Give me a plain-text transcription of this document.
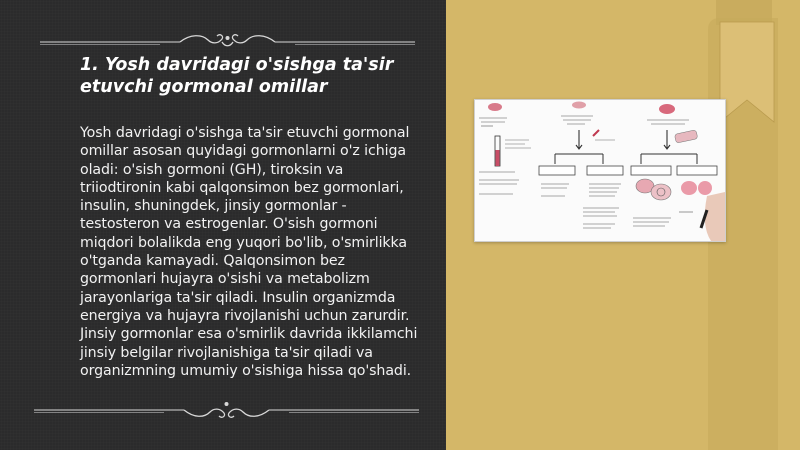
1. Yosh davridagi o'sishga ta'sir etuvchi gormonal omillar

Yosh davridagi o'sishga ta'sir etuvchi gormonal omillar asosan quyidagi gormonlarni o'z ichiga oladi: o'sish gormoni (GH), tiroksin va triiodtironin kabi qalqonsimon bez gormonlari, insulin, shuningdek, jinsiy gormonlar - testosteron va estrogenlar. O'sish gormoni miqdori bolalikda eng yuqori bo'lib, o'smirlikka o'tganda kamayadi. Qalqonsimon bez gormonlari hujayra o'sishi va metabolizm jarayonlariga ta'sir qiladi. Insulin organizmda energiya va hujayra rivojlanishi uchun zarurdir. Jinsiy gormonlar esa o'smirlik davrida ikkilamchi jinsiy belgilar rivojlanishiga ta'sir qiladi va organizmning umumiy o'sishiga hissa qo'shadi.
